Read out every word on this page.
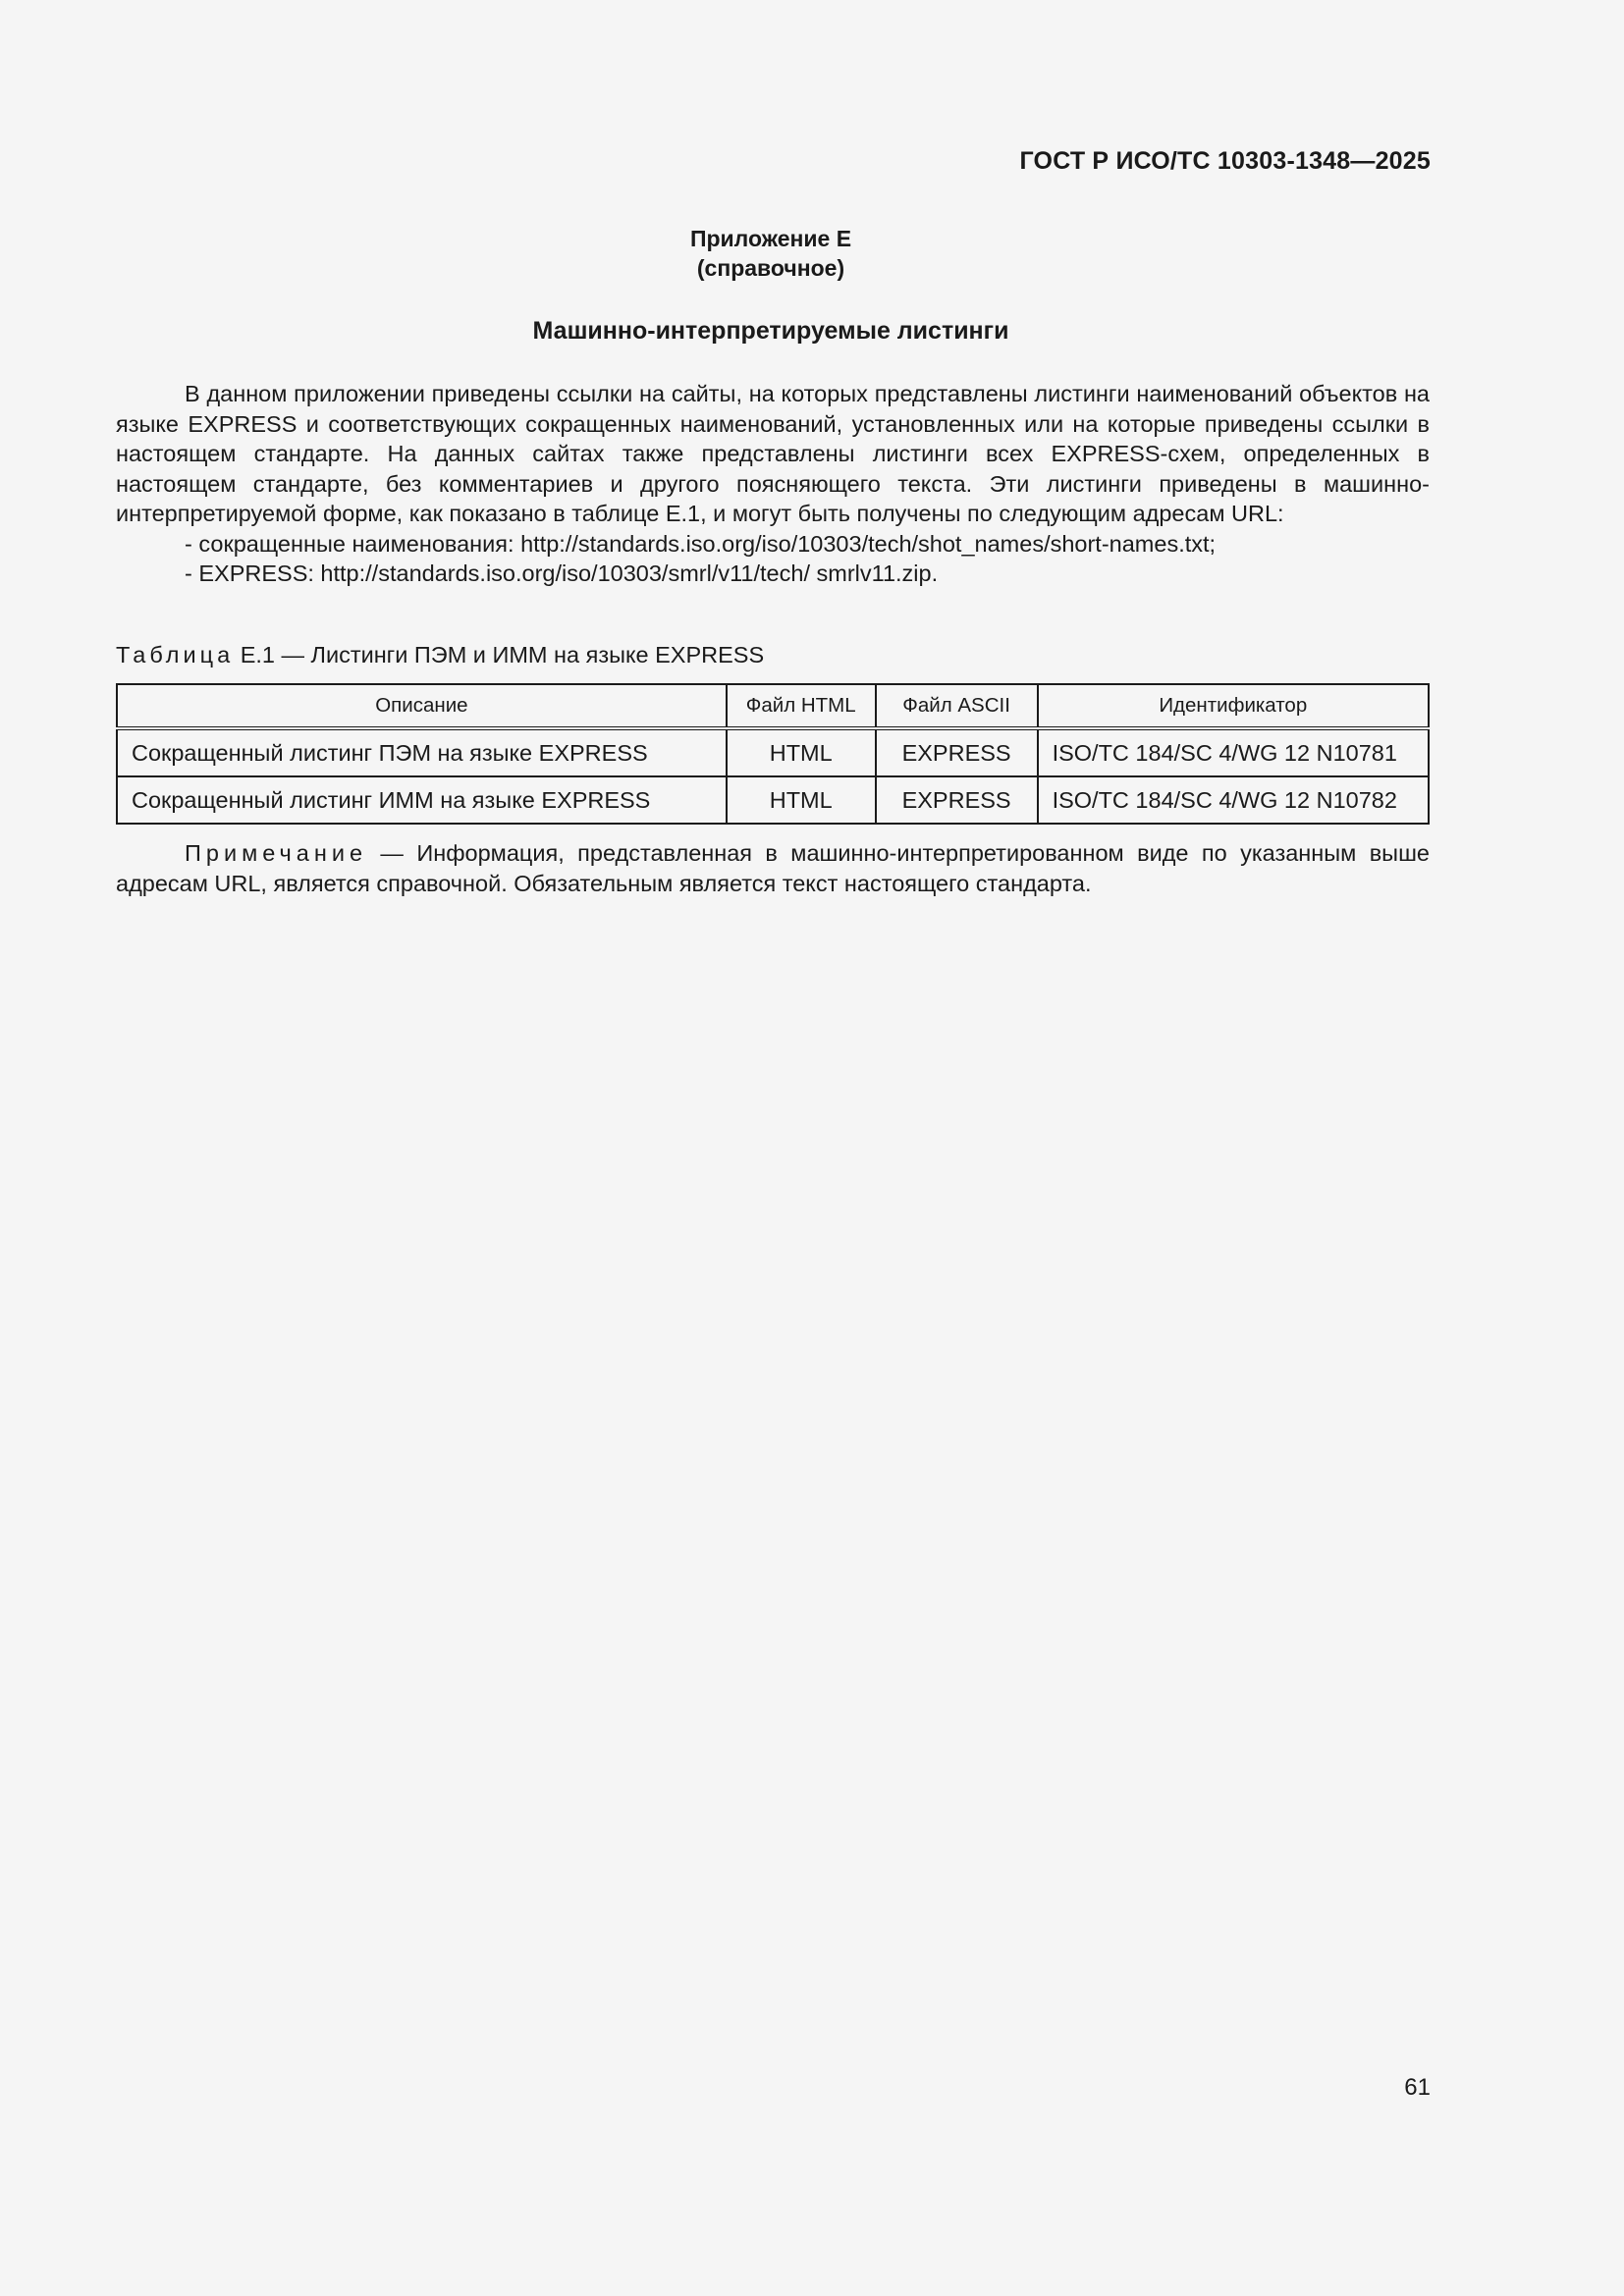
ГОСТ Р ИСО/ТС 10303-1348—2025
Приложение Е
(справочное)
Машинно-интерпретируемые листинги

В данном приложении приведены ссылки на сайты, на которых представлены листинги наименований объектов на языке EXPRESS и соответствующих сокращенных наименований, установленных или на которые приведены ссылки в настоящем стандарте. На данных сайтах также представлены листинги всех EXPRESS-схем, определенных в настоящем стандарте, без комментариев и другого поясняющего текста. Эти листинги приведены в машинно-интерпретируемой форме, как показано в таблице Е.1, и могут быть получены по следующим адресам URL:

- сокращенные наименования: http://standards.iso.org/iso/10303/tech/shot_names/short-names.txt;

- EXPRESS: http://standards.iso.org/iso/10303/smrl/v11/tech/ smrlv11.zip.

Таблица Е.1 — Листинги ПЭМ и ИММ на языке EXPRESS
Описание	Файл HTML	Файл ASCII	Идентификатор
Сокращенный листинг ПЭМ на языке EXPRESS	HTML	EXPRESS	ISO/TC 184/SC 4/WG 12 N10781
Сокращенный листинг ИММ на языке EXPRESS	HTML	EXPRESS	ISO/TC 184/SC 4/WG 12 N10782

Примечание — Информация, представленная в машинно-интерпретированном виде по указанным выше адресам URL, является справочной. Обязательным является текст настоящего стандарта.

61
